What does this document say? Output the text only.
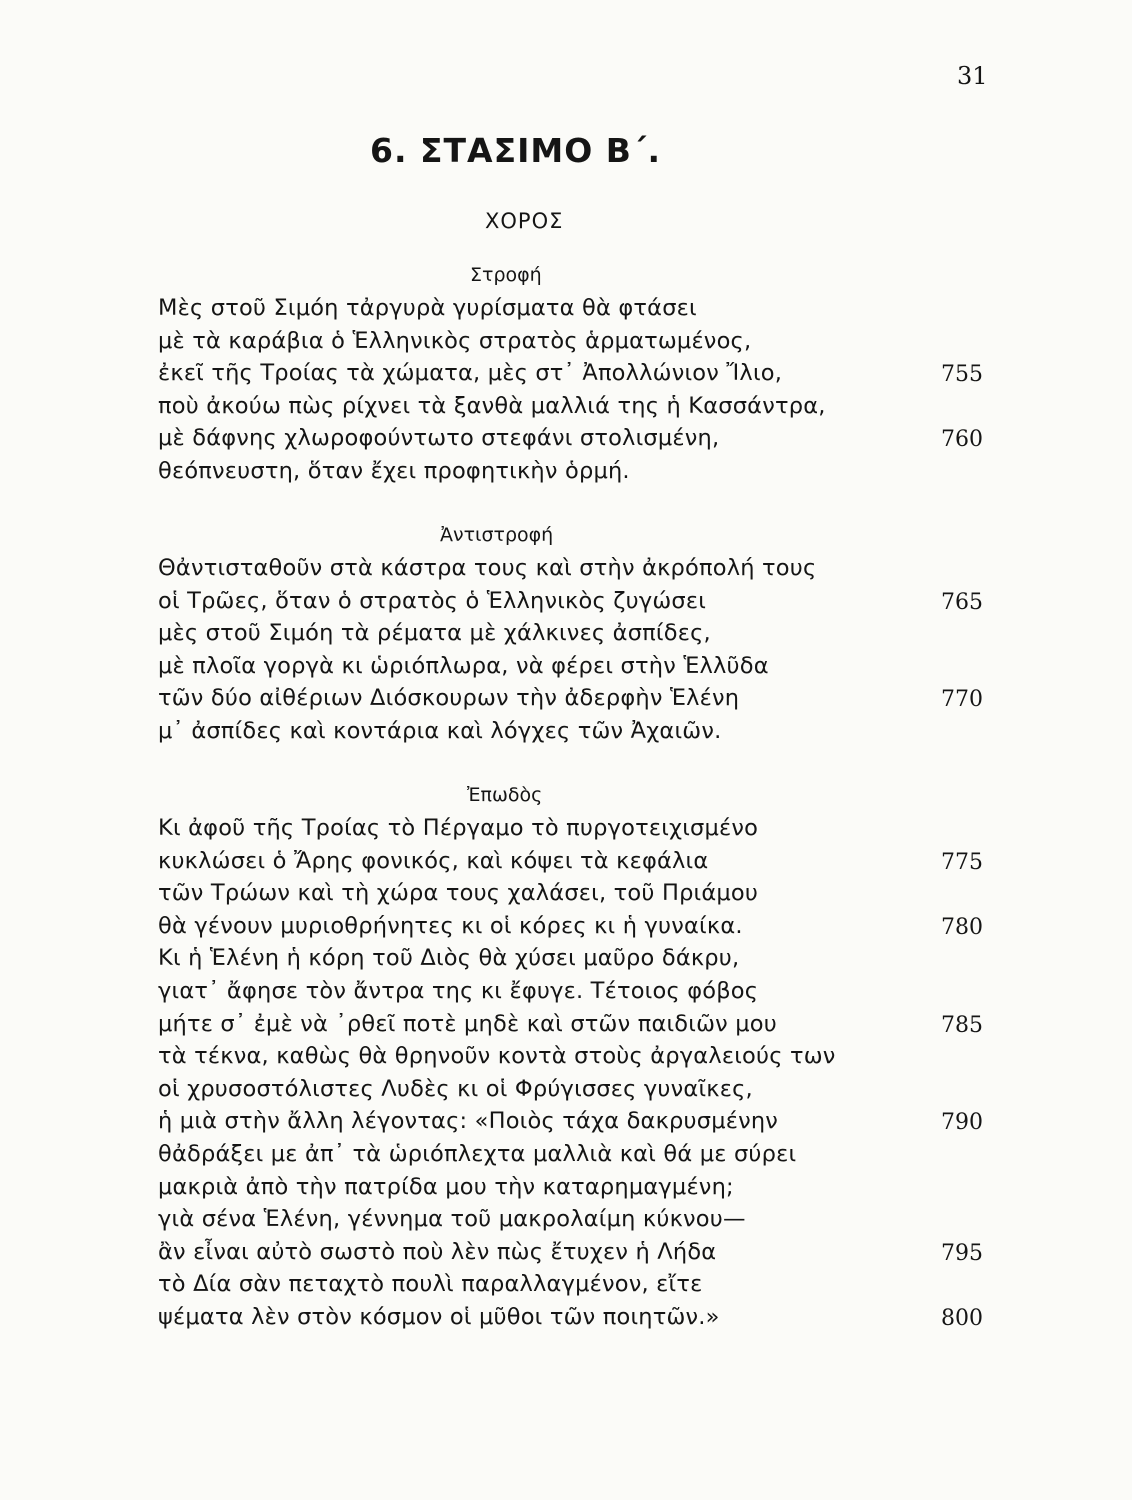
31
6. ΣΤΑΣΙΜΟ Β΄.
ΧΟΡΟΣ
Στροφή
Ἀντιστροφή
Ἐπωδὸς
Μὲς στοῦ Σιμόη τἀργυρὰ γυρίσματα θὰ φτάσει
μὲ τὰ καράβια ὁ Ἑλληνικὸς στρατὸς ἁρματωμένος,
ἐκεῖ τῆς Τροίας τὰ χώματα, μὲς στ᾿ Ἀπολλώνιον Ἴλιο,	755
ποὺ ἀκούω πὼς ρίχνει τὰ ξανθὰ μαλλιά της ἡ Κασσάντρα,
μὲ δάφνης χλωροφούντωτο στεφάνι στολισμένη,	760
θεόπνευστη, ὅταν ἔχει προφητικὴν ὁρμή.
Θἀντισταθοῦν στὰ κάστρα τους καὶ στὴν ἀκρόπολή τους
οἱ Τρῶες, ὅταν ὁ στρατὸς ὁ Ἑλληνικὸς ζυγώσει	765
μὲς στοῦ Σιμόη τὰ ρέματα μὲ χάλκινες ἀσπίδες,
μὲ πλοῖα γοργὰ κι ὡριόπλωρα, νὰ φέρει στὴν Ἑλλῦδα
τῶν δύο αἰθέριων Διόσκουρων τὴν ἀδερφὴν Ἑλένη	770
μ᾿ ἀσπίδες καὶ κοντάρια καὶ λόγχες τῶν Ἀχαιῶν.
Κι ἀφοῦ τῆς Τροίας τὸ Πέργαμο τὸ πυργοτειχισμένο
κυκλώσει ὁ Ἄρης φονικός, καὶ κόψει τὰ κεφάλια	775
τῶν Τρώων καὶ τὴ χώρα τους χαλάσει, τοῦ Πριάμου
θὰ γένουν μυριοθρήνητες κι οἱ κόρες κι ἡ γυναίκα.	780
Κι ἡ Ἑλένη ἡ κόρη τοῦ Διὸς θὰ χύσει μαῦρο δάκρυ,
γιατ᾿ ἄφησε τὸν ἄντρα της κι ἔφυγε. Τέτοιος φόβος
μήτε σ᾿ ἐμὲ νὰ ᾿ρθεῖ ποτὲ μηδὲ καὶ στῶν παιδιῶν μου	785
τὰ τέκνα, καθὼς θὰ θρηνοῦν κοντὰ στοὺς ἀργαλειούς των
οἱ χρυσοστόλιστες Λυδὲς κι οἱ Φρύγισσες γυναῖκες,
ἡ μιὰ στὴν ἄλλη λέγοντας: «Ποιὸς τάχα δακρυσμένην	790
θἀδράξει με ἀπ᾿ τὰ ὡριόπλεχτα μαλλιὰ καὶ θά με σύρει
μακριὰ ἀπὸ τὴν πατρίδα μου τὴν καταρημαγμένη;
γιὰ σένα Ἑλένη, γέννημα τοῦ μακρολαίμη κύκνου—
ἂν εἶναι αὐτὸ σωστὸ ποὺ λὲν πὼς ἔτυχεν ἡ Λήδα	795
τὸ Δία σὰν πεταχτὸ πουλὶ παραλλαγμένον, εἴτε
ψέματα λὲν στὸν κόσμον οἱ μῦθοι τῶν ποιητῶν.»	800
